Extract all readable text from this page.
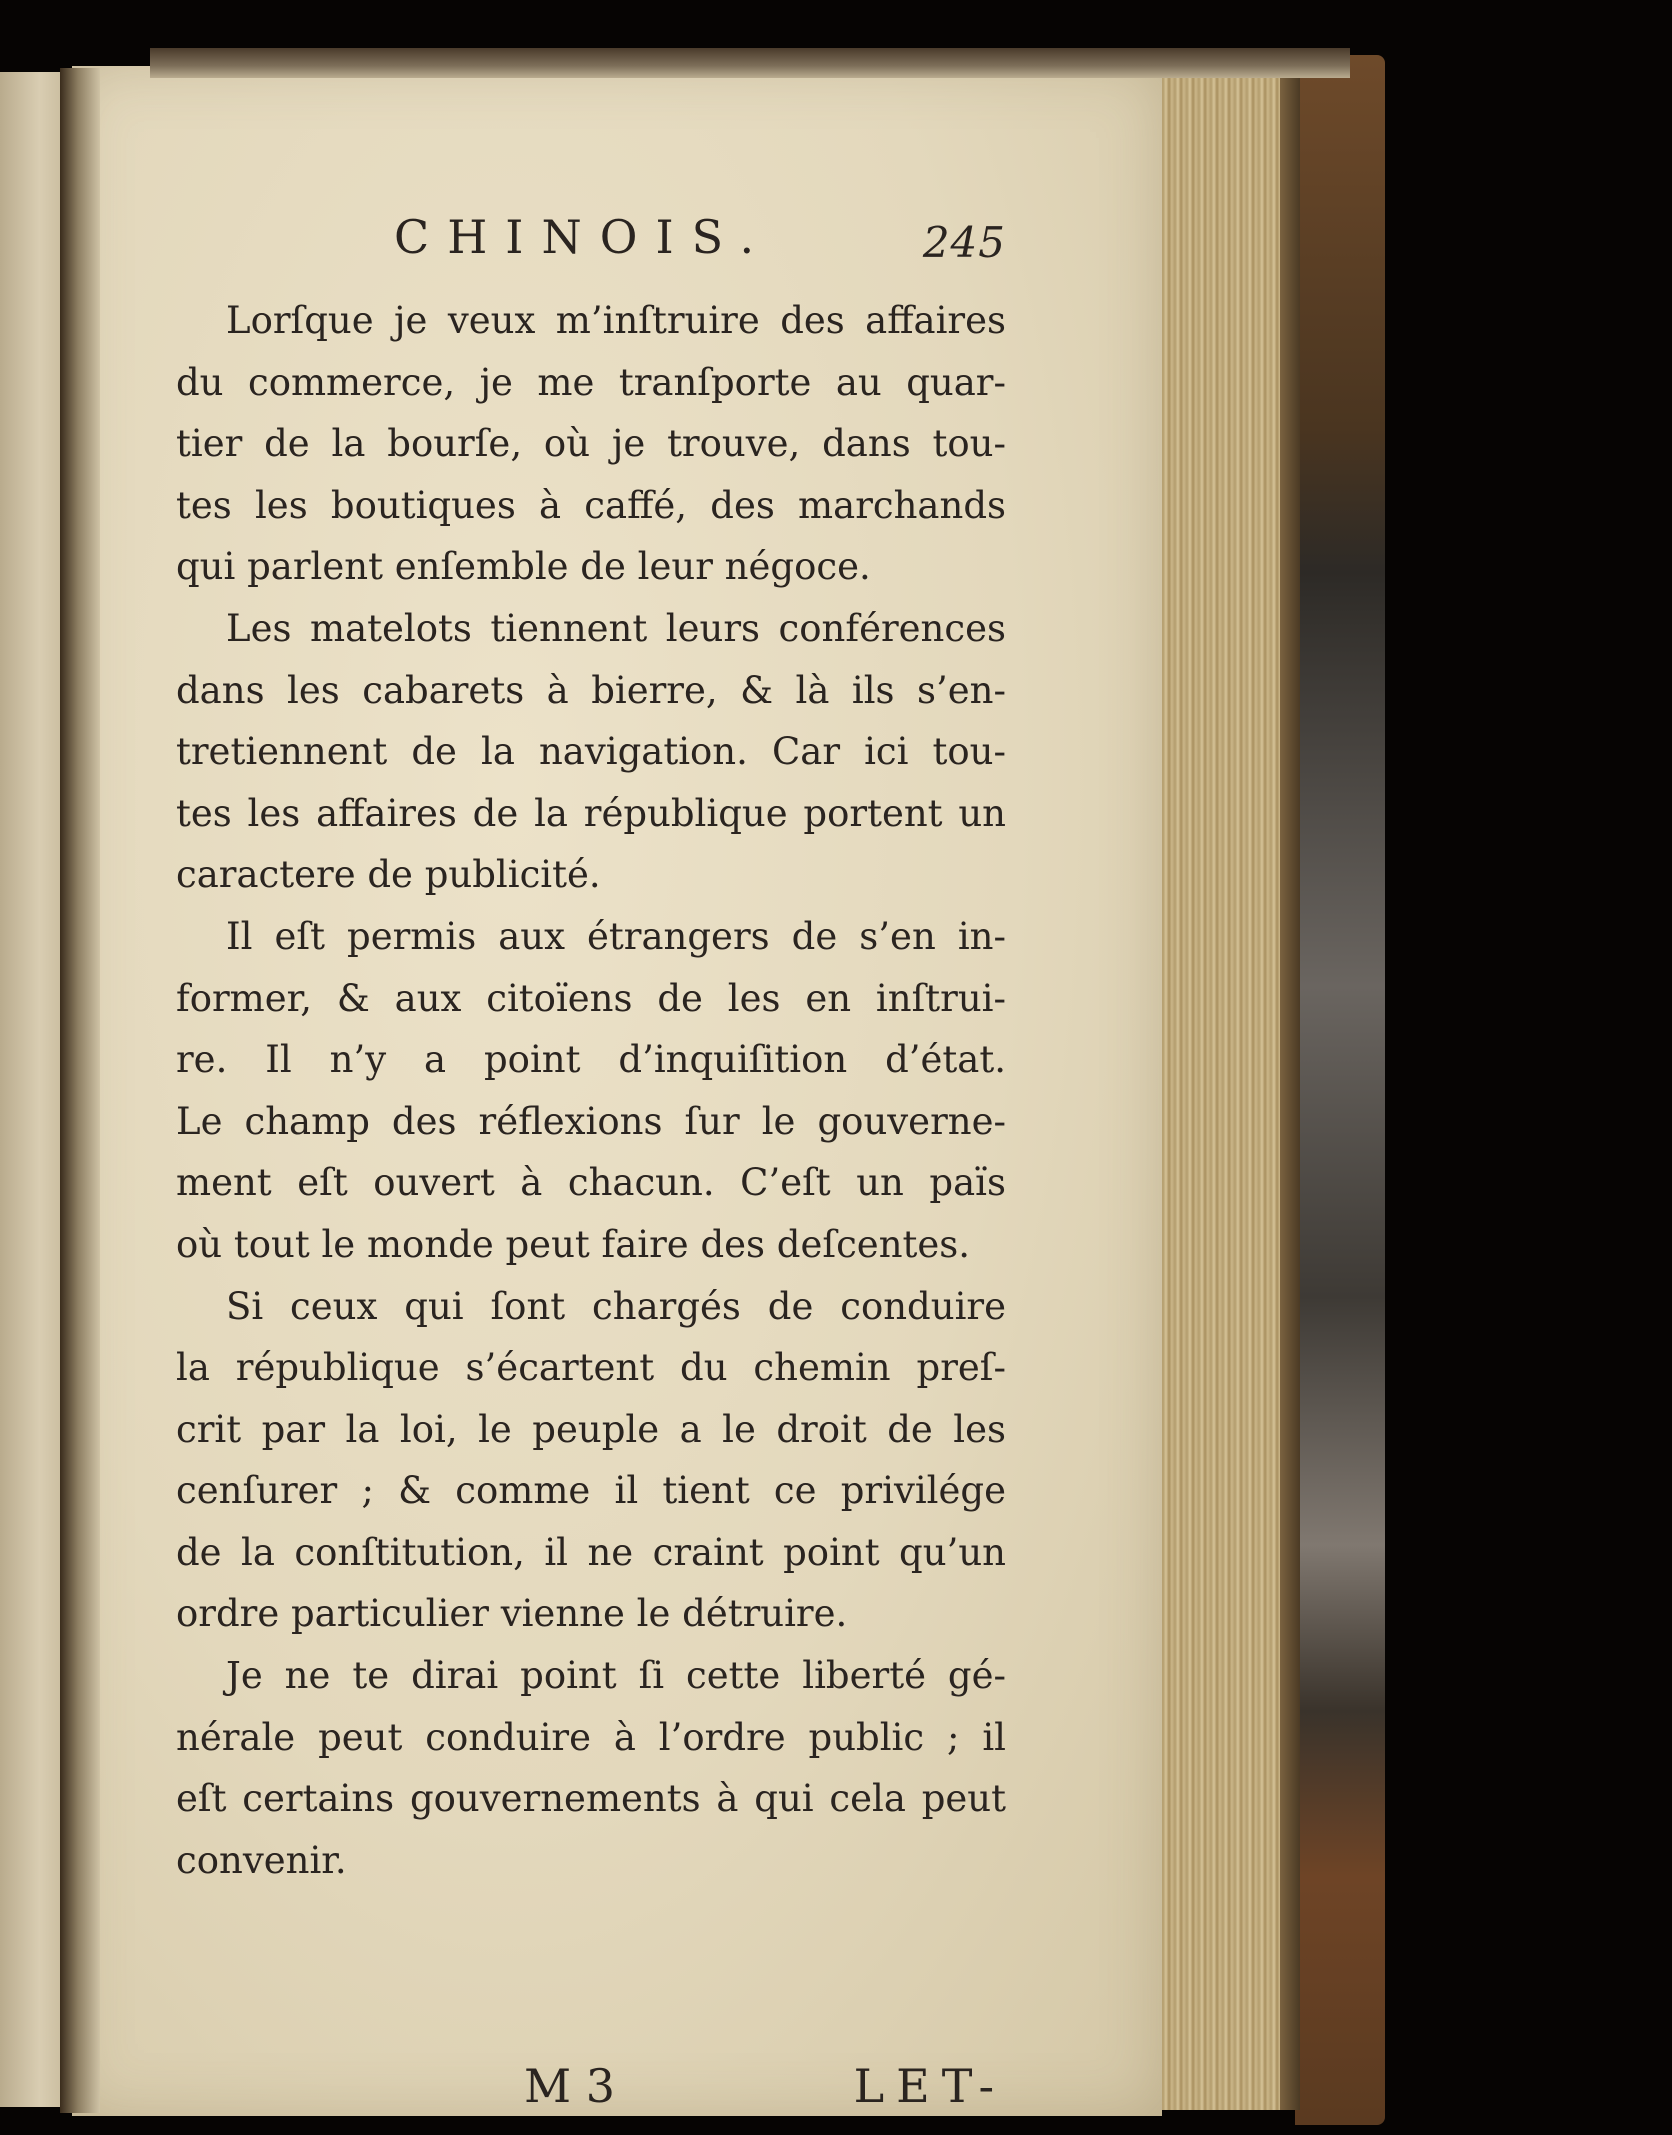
CHINOIS.	245
Lorſque je veux m’inſtruire des affaires
du commerce, je me tranſporte au quar-
tier de la bourſe, où je trouve, dans tou-
tes les boutiques à caffé, des marchands
qui parlent enſemble de leur négoce.
Les matelots tiennent leurs conférences
dans les cabarets à bierre, & là ils s’en-
tretiennent de la navigation. Car ici tou-
tes les affaires de la république portent un
caractere de publicité.
Il eſt permis aux étrangers de s’en in-
former, & aux citoïens de les en inſtrui-
re. Il n’y a point d’inquiſition d’état.
Le champ des réflexions ſur le gouverne-
ment eſt ouvert à chacun. C’eſt un païs
où tout le monde peut faire des deſcentes.
Si ceux qui ſont chargés de conduire
la république s’écartent du chemin preſ-
crit par la loi, le peuple a le droit de les
cenſurer ; & comme il tient ce privilége
de la conſtitution, il ne craint point qu’un
ordre particulier vienne le détruire.
Je ne te dirai point ſi cette liberté gé-
nérale peut conduire à l’ordre public ; il
eſt certains gouvernements à qui cela peut
convenir.
M 3	LET-
